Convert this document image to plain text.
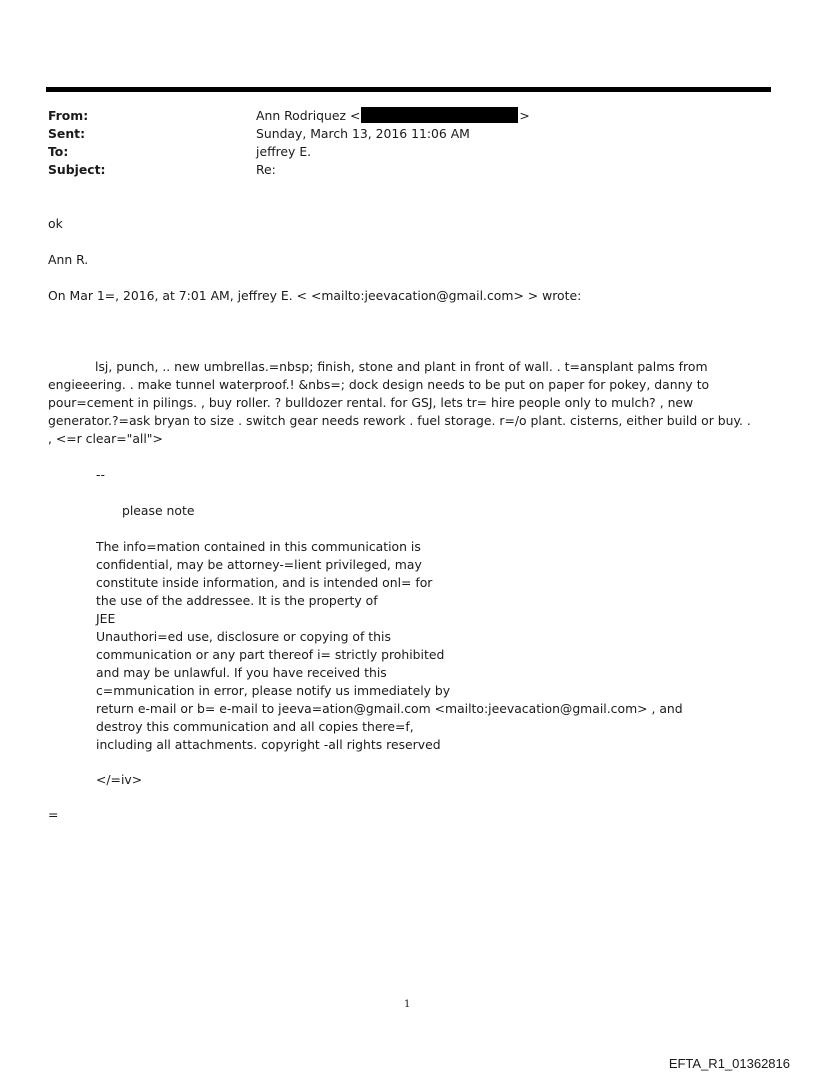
From:	Ann Rodriquez <	>
Sent:	Sunday, March 13, 2016 11:06 AM
To:	jeffrey E.
Subject:	Re:
ok
Ann R.
On Mar 1=, 2016, at 7:01 AM, jeffrey E. < <mailto:jeevacation@gmail.com> > wrote:
lsj, punch, .. new umbrellas.=nbsp; finish, stone and plant in front of wall. . t=ansplant palms from engieeering. . make tunnel waterproof.! &nbs=; dock design needs to be put on paper for pokey, danny to pour=cement in pilings. , buy roller. ? bulldozer rental. for GSJ, lets tr= hire people only to mulch? , new generator.?=ask bryan to size . switch gear needs rework . fuel storage. r=/o plant. cisterns, either build or buy. . , <=r clear="all">
--
please note
The info=mation contained in this communication is
confidential, may be attorney-=lient privileged, may
constitute inside information, and is intended onl= for
the use of the addressee. It is the property of
JEE
Unauthori=ed use, disclosure or copying of this
communication or any part thereof i= strictly prohibited
and may be unlawful. If you have received this
c=mmunication in error, please notify us immediately by
return e-mail or b= e-mail to jeeva=ation@gmail.com <mailto:jeevacation@gmail.com> , and
destroy this communication and all copies there=f,
including all attachments. copyright -all rights reserved
</=iv>
=
1
EFTA_R1_01362816
